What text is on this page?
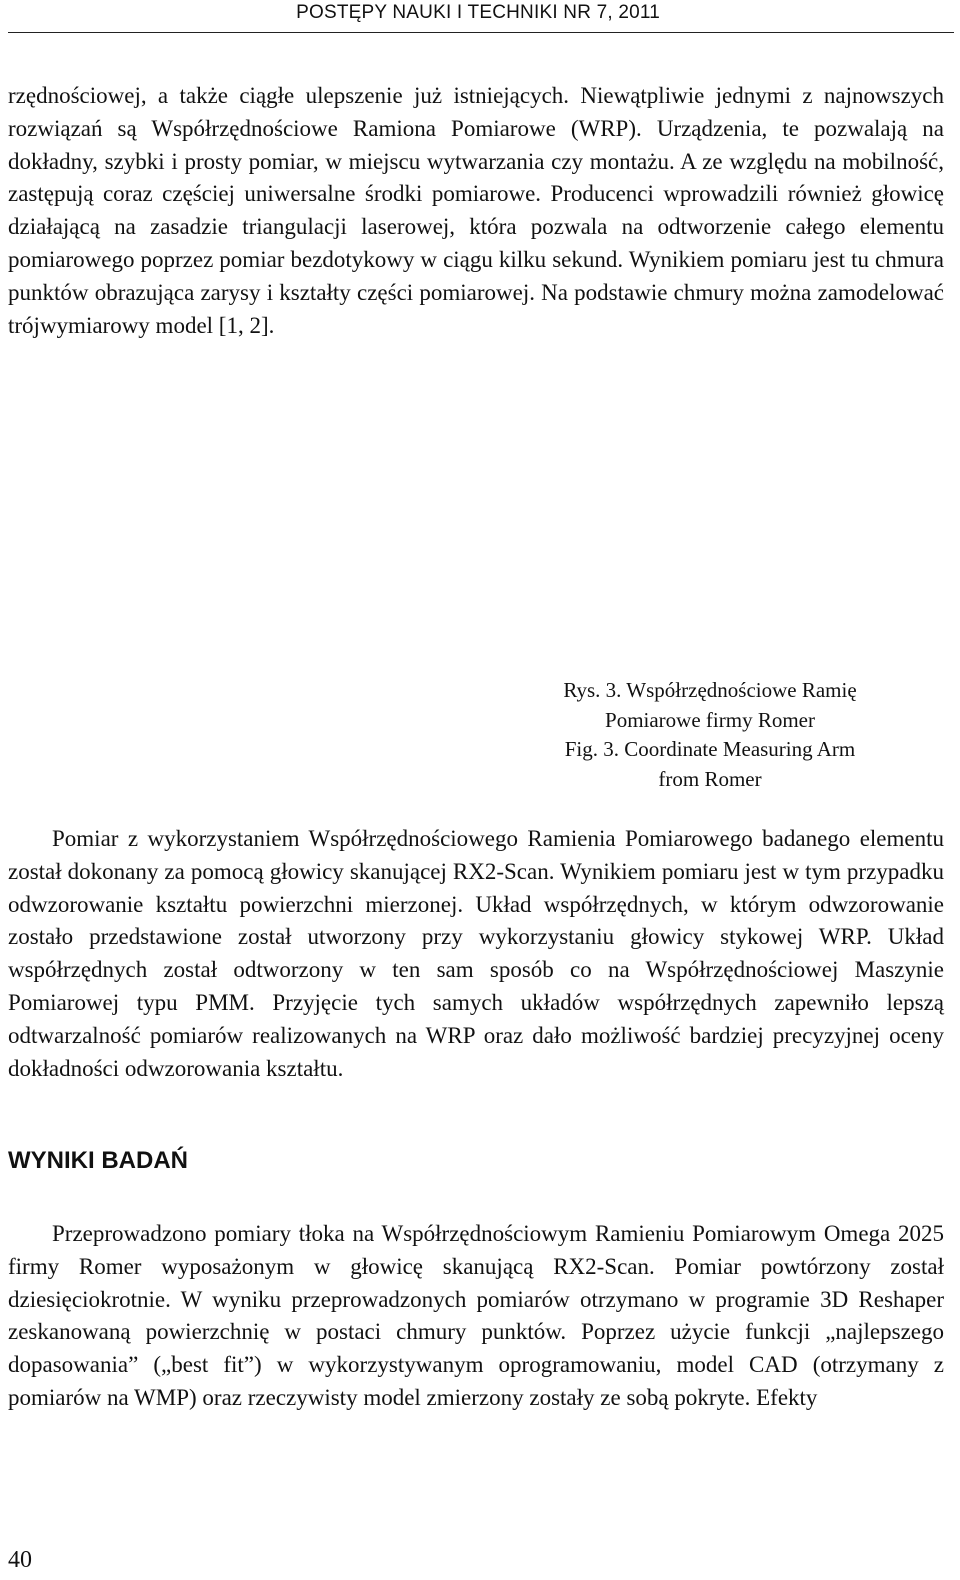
POSTĘPY NAUKI I TECHNIKI NR 7, 2011

rzędnościowej, a także ciągłe ulepszenie już istniejących. Niewątpliwie jednymi z najnowszych rozwiązań są Współrzędnościowe Ramiona Pomiarowe (WRP). Urządzenia, te pozwalają na dokładny, szybki i prosty pomiar, w miejscu wytwarzania czy montażu. A ze względu na mobilność, zastępują coraz częściej uniwersalne środki pomiarowe. Producenci wprowadzili również głowicę działającą na zasadzie triangulacji laserowej, która pozwala na odtworzenie całego elementu pomiarowego poprzez pomiar bezdotykowy w ciągu kilku sekund. Wynikiem pomiaru jest tu chmura punktów obrazująca zarysy i kształty części pomiarowej. Na podstawie chmury można zamodelować trójwymiarowy model [1, 2].

Rys. 3. Współrzędnościowe Ramię
Pomiarowe firmy Romer
Fig. 3. Coordinate Measuring Arm
from Romer

Pomiar z wykorzystaniem Współrzędnościowego Ramienia Pomiarowego badanego elementu został dokonany za pomocą głowicy skanującej RX2-Scan. Wynikiem pomiaru jest w tym przypadku odwzorowanie kształtu powierzchni mierzonej. Układ współrzędnych, w którym odwzorowanie zostało przedstawione został utworzony przy wykorzystaniu głowicy stykowej WRP. Układ współrzędnych został odtworzony w ten sam sposób co na Współrzędnościowej Maszynie Pomiarowej typu PMM. Przyjęcie tych samych układów współrzędnych zapewniło lepszą odtwarzalność pomiarów realizowanych na WRP oraz dało możliwość bardziej precyzyjnej oceny dokładności odwzorowania kształtu.

WYNIKI BADAŃ

Przeprowadzono pomiary tłoka na Współrzędnościowym Ramieniu Pomiarowym Omega 2025 firmy Romer wyposażonym w głowicę skanującą RX2-Scan. Pomiar powtórzony został dziesięciokrotnie. W wyniku przeprowadzonych pomiarów otrzymano w programie 3D Reshaper zeskanowaną powierzchnię w postaci chmury punktów. Poprzez użycie funkcji „najlepszego dopasowania” („best fit”) w wykorzystywanym oprogramowaniu, model CAD (otrzymany z pomiarów na WMP) oraz rzeczywisty model zmierzony zostały ze sobą pokryte. Efekty

40
